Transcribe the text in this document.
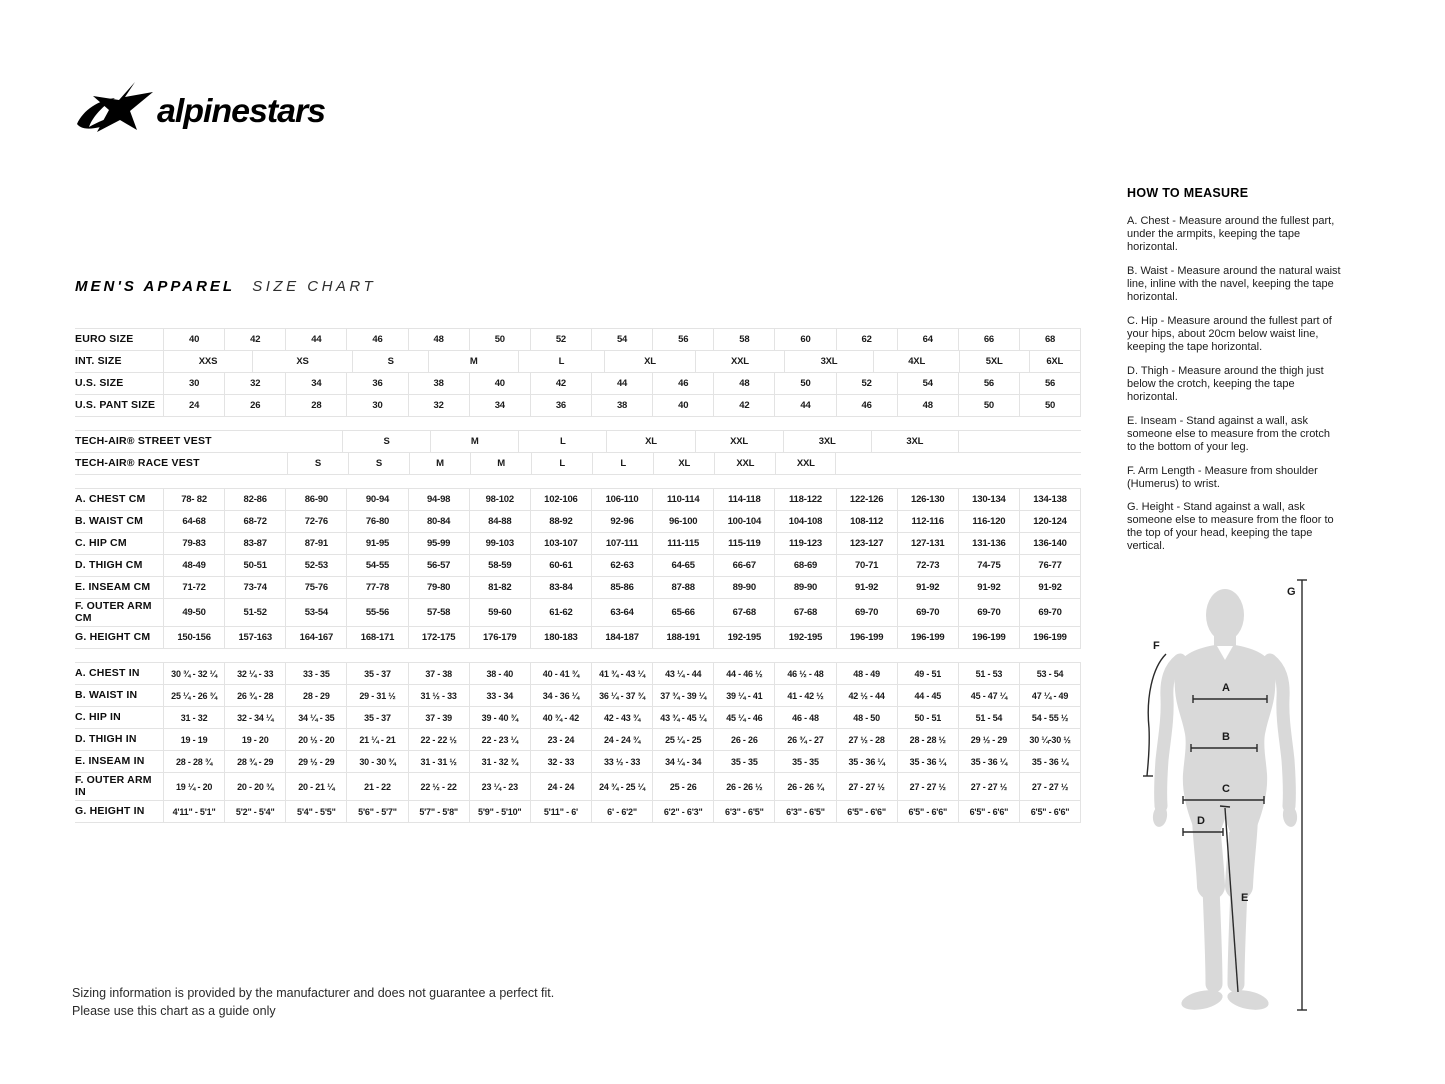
alpinestars
MEN'S APPAREL SIZE CHART
EURO SIZE	40	42	44	46	48	50	52	54	56	58	60	62	64	66	68
INT. SIZE	XXS	XS	S	M	L	XL	XXL	3XL	4XL	5XL	6XL
U.S. SIZE	30	32	34	36	38	40	42	44	46	48	50	52	54	56	56
U.S. PANT SIZE	24	26	28	30	32	34	36	38	40	42	44	46	48	50	50
TECH-AIR® STREET VEST	S	M	L	XL	XXL	3XL	3XL
TECH-AIR® RACE VEST	S	S	M	M	L	L	XL	XXL	XXL
A. CHEST CM	78- 82	82-86	86-90	90-94	94-98	98-102	102-106	106-110	110-114	114-118	118-122	122-126	126-130	130-134	134-138
B. WAIST CM	64-68	68-72	72-76	76-80	80-84	84-88	88-92	92-96	96-100	100-104	104-108	108-112	112-116	116-120	120-124
C. HIP CM	79-83	83-87	87-91	91-95	95-99	99-103	103-107	107-111	111-115	115-119	119-123	123-127	127-131	131-136	136-140
D. THIGH CM	48-49	50-51	52-53	54-55	56-57	58-59	60-61	62-63	64-65	66-67	68-69	70-71	72-73	74-75	76-77
E. INSEAM CM	71-72	73-74	75-76	77-78	79-80	81-82	83-84	85-86	87-88	89-90	89-90	91-92	91-92	91-92	91-92
F. OUTER ARM CM	49-50	51-52	53-54	55-56	57-58	59-60	61-62	63-64	65-66	67-68	67-68	69-70	69-70	69-70	69-70
G. HEIGHT CM	150-156	157-163	164-167	168-171	172-175	176-179	180-183	184-187	188-191	192-195	192-195	196-199	196-199	196-199	196-199
A. CHEST IN	30 ¾ - 32 ¼	32 ¼ - 33	33 - 35	35 - 37	37 - 38	38 - 40	40 - 41 ¾	41 ¾ - 43 ¼	43 ¼ - 44	44 - 46 ½	46 ½ - 48	48 - 49	49 - 51	51 - 53	53 - 54
B. WAIST IN	25 ¼ - 26 ¾	26 ¾ - 28	28 - 29	29 - 31 ½	31 ½ - 33	33 - 34	34 - 36 ¼	36 ¼ - 37 ¾	37 ¾ - 39 ¼	39 ¼ - 41	41 - 42 ½	42 ½ - 44	44 - 45	45 - 47 ¼	47 ¼ - 49
C. HIP IN	31 - 32	32 - 34 ¼	34 ¼ - 35	35 - 37	37 - 39	39 - 40 ¾	40 ¾ - 42	42 - 43 ¾	43 ¾ - 45 ¼	45 ¼ - 46	46 - 48	48 - 50	50 - 51	51 - 54	54 - 55 ½
D. THIGH IN	19 - 19	19 - 20	20 ½ - 20	21 ¼ - 21	22 - 22 ½	22 - 23 ¼	23 - 24	24 - 24 ¾	25 ¼ - 25	26 - 26	26 ¾ - 27	27 ½ - 28	28 - 28 ½	29 ½ - 29	30 ¼-30 ½
E. INSEAM IN	28 - 28 ¾	28 ¾ - 29	29 ½ - 29	30 - 30 ¾	31 - 31 ½	31 - 32 ¾	32 - 33	33 ½ - 33	34 ¼ - 34	35 - 35	35 - 35	35 - 36 ¼	35 - 36 ¼	35 - 36 ¼	35 - 36 ¼
F. OUTER ARM IN	19 ¼ - 20	20 - 20 ¾	20 - 21 ¼	21 - 22	22 ½ - 22	23 ¼ - 23	24 - 24	24 ¾ - 25 ¼	25 - 26	26 - 26 ½	26 - 26 ¾	27 - 27 ½	27 - 27 ½	27 - 27 ½	27 - 27 ½
G. HEIGHT IN	4'11" - 5'1"	5'2" - 5'4"	5'4" - 5'5"	5'6" - 5'7"	5'7" - 5'8"	5'9" - 5'10"	5'11" - 6'	6' - 6'2"	6'2" - 6'3"	6'3" - 6'5"	6'3" - 6'5"	6'5" - 6'6"	6'5" - 6'6"	6'5" - 6'6"	6'5" - 6'6"
HOW TO MEASURE

A. Chest - Measure around the fullest part, under the armpits, keeping the tape horizontal.

B. Waist - Measure around the natural waist line, inline with the navel, keeping the tape horizontal.

C. Hip - Measure around the fullest part of your hips, about 20cm below waist line, keeping the tape horizontal.

D. Thigh - Measure around the thigh just below the crotch, keeping the tape horizontal.

E. Inseam - Stand against a wall, ask someone else to measure from the crotch to the bottom of your leg.

F. Arm Length - Measure from shoulder (Humerus) to wrist.

G. Height - Stand against a wall, ask someone else to measure from the floor to the top of your head, keeping the tape vertical.

A
B
C
D
E
F
G
Sizing information is provided by the manufacturer and does not guarantee a perfect fit.
Please use this chart as a guide only
